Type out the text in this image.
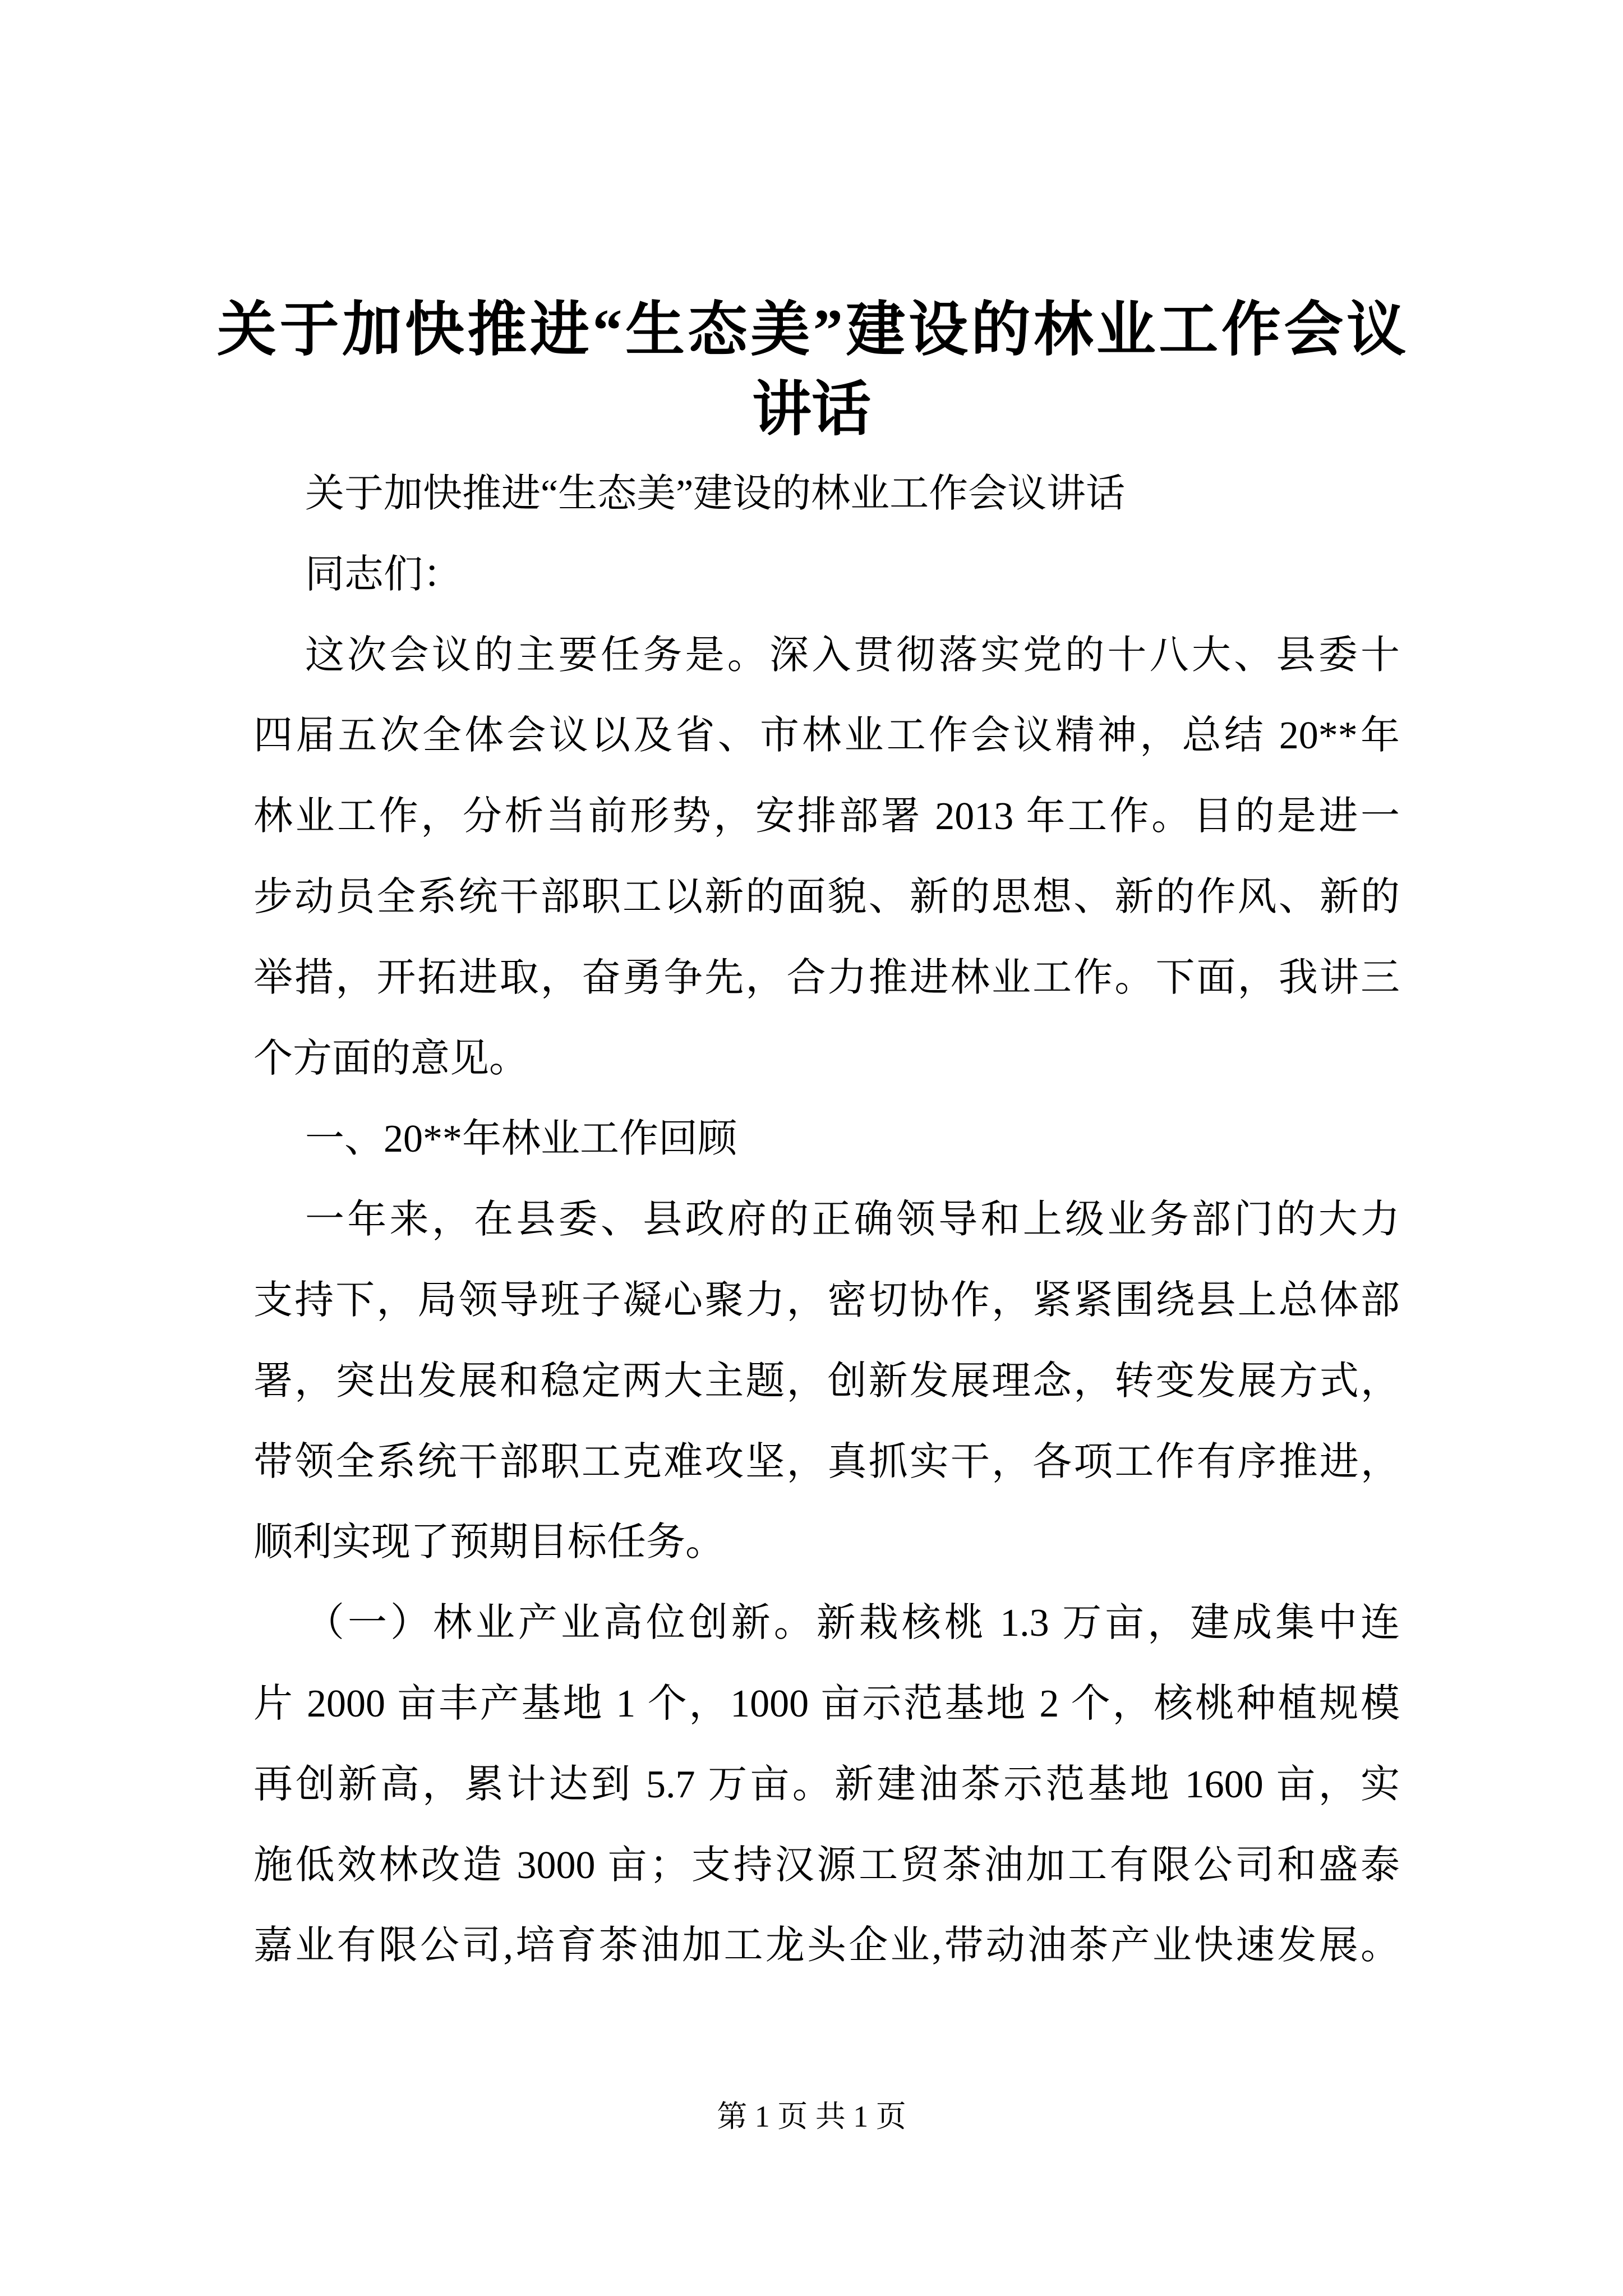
关于加快推进“生态美”建设的林业工作会议
讲话
关于加快推进“生态美”建设的林业工作会议讲话
同志们：
这次会议的主要任务是。深入贯彻落实党的十八大、县委十
四届五次全体会议以及省、市林业工作会议精神，总结 20**年
林业工作，分析当前形势，安排部署 2013 年工作。目的是进一
步动员全系统干部职工以新的面貌、新的思想、新的作风、新的
举措，开拓进取，奋勇争先，合力推进林业工作。下面，我讲三
个方面的意见。
一、20**年林业工作回顾
一年来，在县委、县政府的正确领导和上级业务部门的大力
支持下，局领导班子凝心聚力，密切协作，紧紧围绕县上总体部
署，突出发展和稳定两大主题，创新发展理念，转变发展方式，
带领全系统干部职工克难攻坚，真抓实干，各项工作有序推进，
顺利实现了预期目标任务。
（一）林业产业高位创新。新栽核桃 1.3 万亩，建成集中连
片 2000 亩丰产基地 1 个，1000 亩示范基地 2 个，核桃种植规模
再创新高，累计达到 5.7 万亩。新建油茶示范基地 1600 亩，实
施低效林改造 3000 亩；支持汉源工贸茶油加工有限公司和盛泰
嘉业有限公司,培育茶油加工龙头企业,带动油茶产业快速发展。
第 1 页 共 1 页
